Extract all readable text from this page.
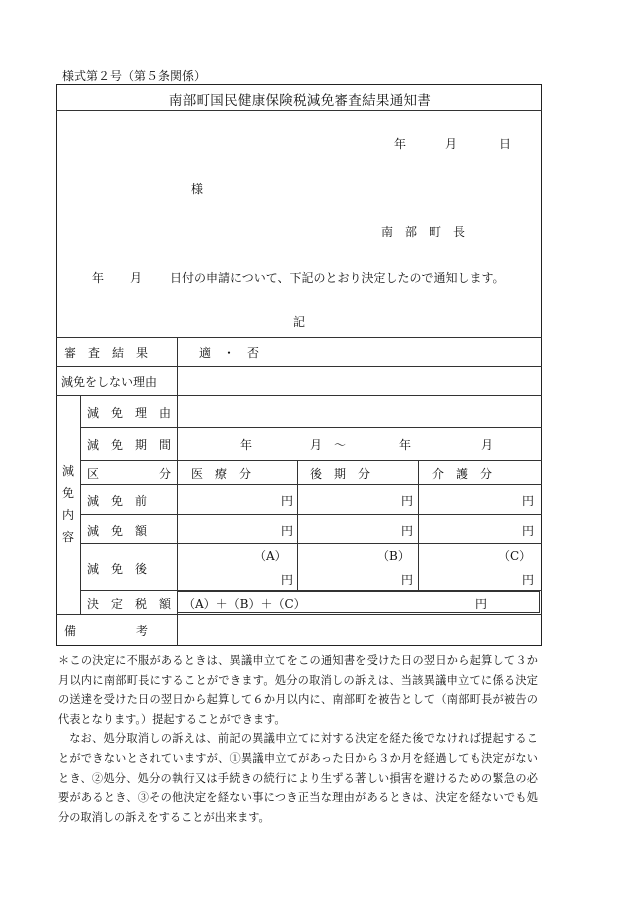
様式第２号（第５条関係）
南部町国民健康保険税減免審査結果通知書
年	月	日
様
南　部　町　長
年 月 日付の申請について、下記のとおり決定したので通知します。
記
審　査　結　果	適　・　否
減免をしない理由
減
免
内
容
減　免　理　由
減　免　期　間	年	月　～	年	月
区　　　　　分 医　療　分	後　期　分	介　護　分
減　免　前	円	円	円
減　免　額	円	円	円
減　免　後
（A）	（B）	（C）
円	円	円
決　定　税　額 （A）＋（B）＋（C）	円
備　　　　　考

＊この決定に不服があるときは、異議申立てをこの通知書を受けた日の翌日から起算して３か月以内に南部町長にすることができます。処分の取消しの訴えは、当該異議申立てに係る決定の送達を受けた日の翌日から起算して６か月以内に、南部町を被告として（南部町長が被告の代表となります。）提起することができます。

なお、処分取消しの訴えは、前記の異議申立てに対する決定を経た後でなければ提起することができないとされていますが、①異議申立てがあった日から３か月を経過しても決定がないとき、②処分、処分の執行又は手続きの続行により生ずる著しい損害を避けるための緊急の必要があるとき、③その他決定を経ない事につき正当な理由があるときは、決定を経ないでも処分の取消しの訴えをすることが出来ます。
